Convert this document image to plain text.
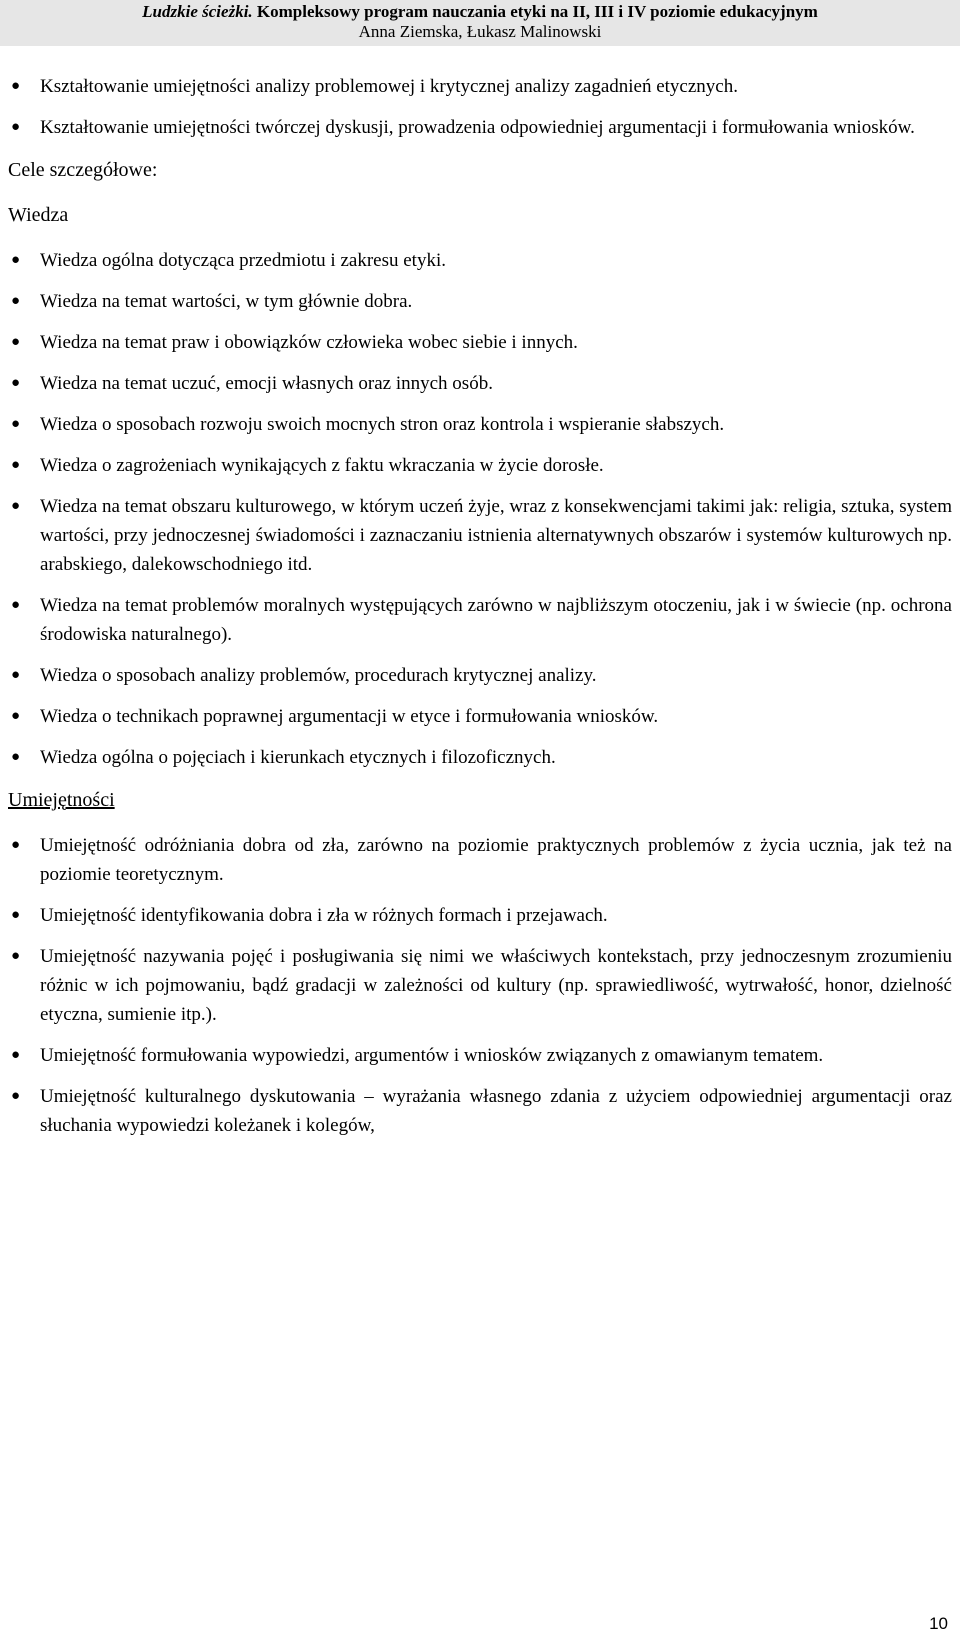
Ludzkie ścieżki. Kompleksowy program nauczania etyki na II, III i IV poziomie edukacyjnym
Anna Ziemska, Łukasz Malinowski
● Kształtowanie umiejętności analizy problemowej i krytycznej analizy zagadnień etycznych.
● Kształtowanie umiejętności twórczej dyskusji, prowadzenia odpowiedniej argumentacji i formułowania wniosków.
Cele szczegółowe:
Wiedza
● Wiedza ogólna dotycząca przedmiotu i zakresu etyki.
● Wiedza na temat wartości, w tym głównie dobra.
● Wiedza na temat praw i obowiązków człowieka wobec siebie i innych.
● Wiedza na temat uczuć, emocji własnych oraz innych osób.
● Wiedza o sposobach rozwoju swoich mocnych stron oraz kontrola i wspieranie słabszych.
● Wiedza o zagrożeniach wynikających z faktu wkraczania w życie dorosłe.
● Wiedza na temat obszaru kulturowego, w którym uczeń żyje, wraz z konsekwencjami takimi jak: religia, sztuka, system wartości, przy jednoczesnej świadomości i zaznaczaniu istnienia alternatywnych obszarów i systemów kulturowych np. arabskiego, dalekowschodniego itd.
● Wiedza na temat problemów moralnych występujących zarówno w najbliższym otoczeniu, jak i w świecie (np. ochrona środowiska naturalnego).
● Wiedza o sposobach analizy problemów, procedurach krytycznej analizy.
● Wiedza o technikach poprawnej argumentacji w etyce i formułowania wniosków.
● Wiedza ogólna o pojęciach i kierunkach etycznych i filozoficznych.
Umiejętności
● Umiejętność odróżniania dobra od zła, zarówno na poziomie praktycznych problemów z życia ucznia, jak też na poziomie teoretycznym.
● Umiejętność identyfikowania dobra i zła w różnych formach i przejawach.
● Umiejętność nazywania pojęć i posługiwania się nimi we właściwych kontekstach, przy jednoczesnym zrozumieniu różnic w ich pojmowaniu, bądź gradacji w zależności od kultury (np. sprawiedliwość, wytrwałość, honor, dzielność etyczna, sumienie itp.).
● Umiejętność formułowania wypowiedzi, argumentów i wniosków związanych z omawianym tematem.
● Umiejętność kulturalnego dyskutowania – wyrażania własnego zdania z użyciem odpowiedniej argumentacji oraz słuchania wypowiedzi koleżanek i kolegów,
10
